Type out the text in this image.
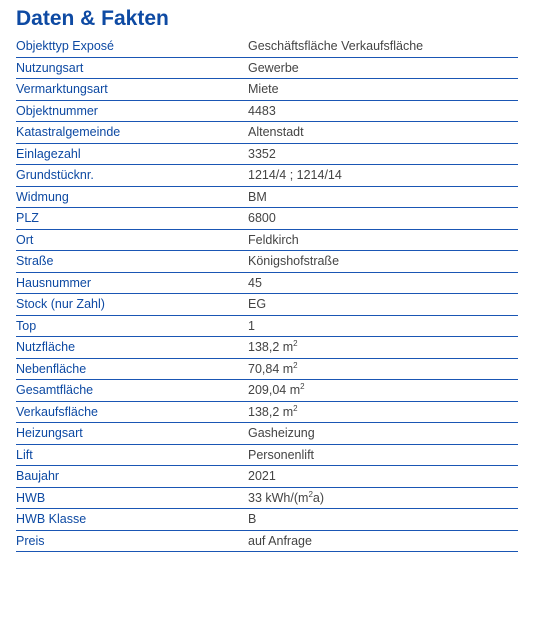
Daten & Fakten
Objekttyp Exposé	Geschäftsfläche Verkaufsfläche
Nutzungsart	Gewerbe
Vermarktungsart	Miete
Objektnummer	4483
Katastralgemeinde	Altenstadt
Einlagezahl	3352
Grundstücknr.	1214/4 ; 1214/14
Widmung	BM
PLZ	6800
Ort	Feldkirch
Straße	Königshofstraße
Hausnummer	45
Stock (nur Zahl)	EG
Top	1
Nutzfläche	138,2 $m^2$
Nebenfläche	70,84 $m^2$
Gesamtfläche	209,04 $m^2$
Verkaufsfläche	138,2 $m^2$
Heizungsart	Gasheizung
Lift	Personenlift
Baujahr	2021
HWB	33 kWh/$(m^2a)$
HWB Klasse	B
Preis	auf Anfrage
